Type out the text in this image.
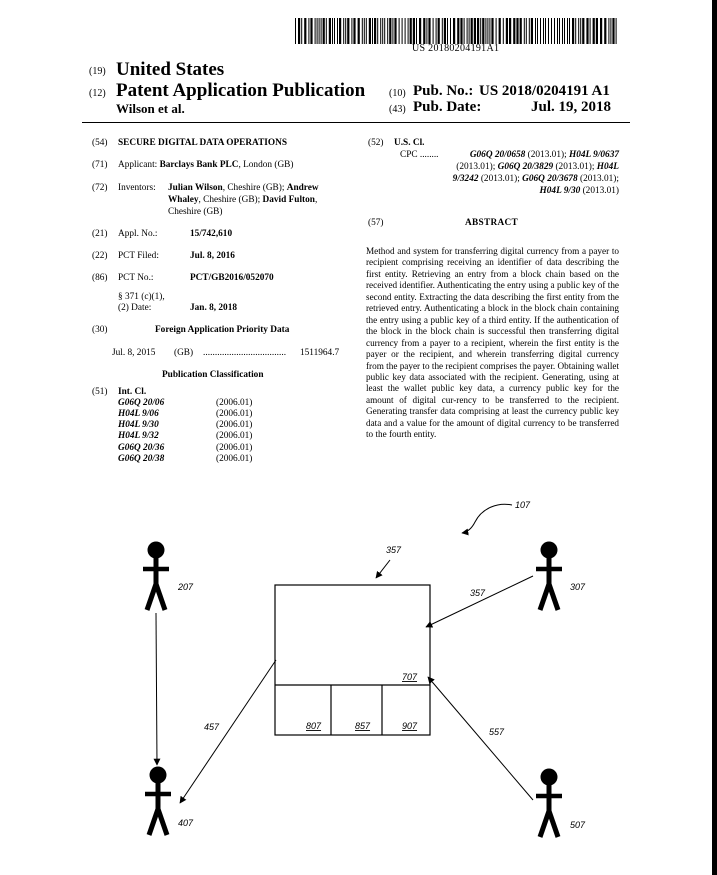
US 20180204191A1
(19) United States
(12) Patent Application Publication (10) Pub. No.: US 2018/0204191 A1
Wilson et al.	(43) Pub. Date:	Jul. 19, 2018
(54) SECURE DIGITAL DATA OPERATIONS
(71) Applicant: Barclays Bank PLC, London (GB)
(72) Inventors: Julian Wilson, Cheshire (GB); Andrew
Whaley, Cheshire (GB); David Fulton,
Cheshire (GB)
(21) Appl. No.:	15/742,610
(22) PCT Filed:	Jul. 8, 2016
(86) PCT No.:	PCT/GB2016/052070
§ 371 (c)(1),
(2) Date:	Jan. 8, 2018
(30)	Foreign Application Priority Data
Jul. 8, 2015 (GB) ................................... 1511964.7
Publication Classification
(51) Int. Cl.
G06Q 20/06	(2006.01)
H04L 9/06	(2006.01)
H04L 9/30	(2006.01)
H04L 9/32	(2006.01)
G06Q 20/36	(2006.01)
G06Q 20/38	(2006.01)
(52) U.S. Cl.
CPC ........	G06Q 20/0658 (2013.01); H04L 9/0637
(2013.01); G06Q 20/3829 (2013.01); H04L
9/3242 (2013.01); G06Q 20/3678 (2013.01);
H04L 9/30 (2013.01)
(57)	ABSTRACT
Method and system for transferring digital currency from a payer to recipient comprising receiving an identifier of data describing the first entity. Retrieving an entry from a block chain based on the received identifier. Authenticating the entry using a public key of the second entity. Extracting the data describing the first entity from the retrieved entry. Authenticating a block in the block chain containing the entry using a public key of a third entity. If the authentication of the block in the block chain is successful then transferring digital currency from a payer to a recipient, wherein the first entity is the payer or the recipient, and wherein transferring digital currency from the payer to the recipient comprises the payer. Obtaining wallet public key data associated with the recipient. Generating, using at least the wallet public key data, a currency public key for the amount of digital cur-rency to be transferred to the recipient. Generating transfer data comprising at least the currency public key data and a value for the amount of digital currency to be transferred to the fourth entity.
107
707
807	857	907
357
357
457	557
207	307
407	507
